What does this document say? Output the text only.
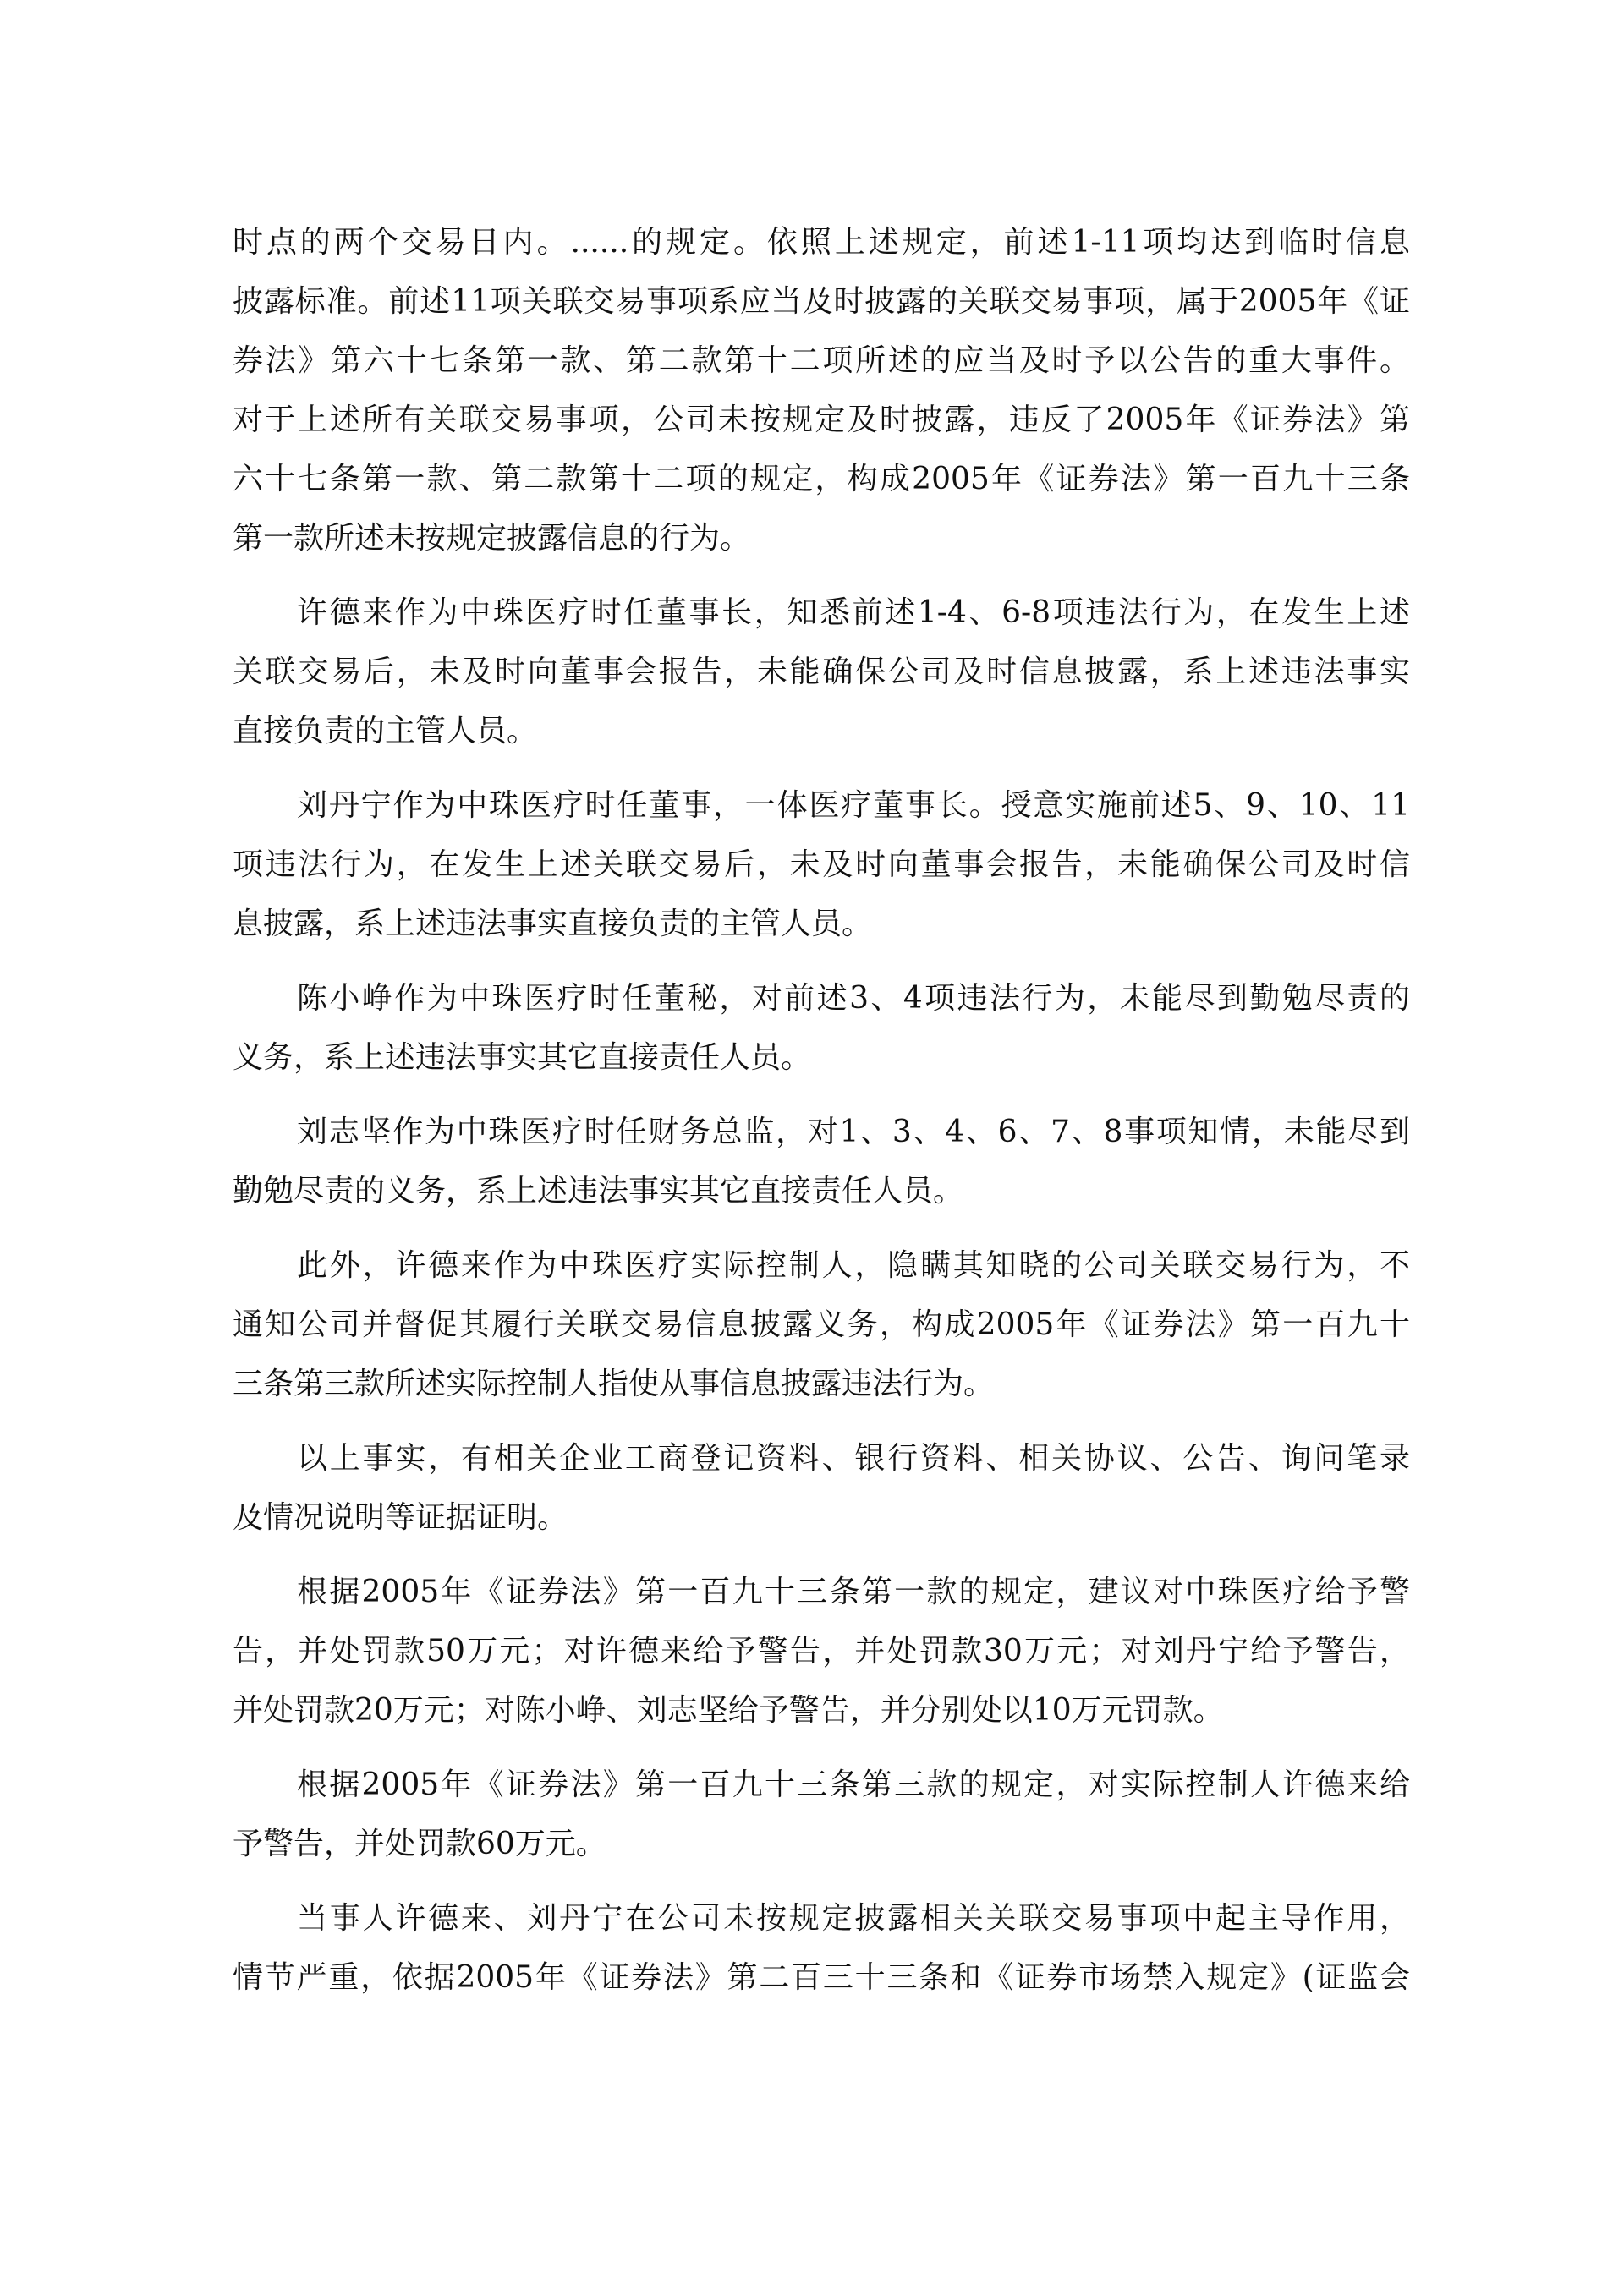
时点的两个交易日内。......的规定。依照上述规定，前述1-11项均达到临时信息
披露标准。前述11项关联交易事项系应当及时披露的关联交易事项，属于2005年《证
券法》第六十七条第一款、第二款第十二项所述的应当及时予以公告的重大事件。
对于上述所有关联交易事项，公司未按规定及时披露，违反了2005年《证券法》第
六十七条第一款、第二款第十二项的规定，构成2005年《证券法》第一百九十三条
第一款所述未按规定披露信息的行为。
许德来作为中珠医疗时任董事长，知悉前述1-4、6-8项违法行为，在发生上述
关联交易后，未及时向董事会报告，未能确保公司及时信息披露，系上述违法事实
直接负责的主管人员。
刘丹宁作为中珠医疗时任董事，一体医疗董事长。授意实施前述5、9、10、11
项违法行为，在发生上述关联交易后，未及时向董事会报告，未能确保公司及时信
息披露，系上述违法事实直接负责的主管人员。
陈小峥作为中珠医疗时任董秘，对前述3、4项违法行为，未能尽到勤勉尽责的
义务，系上述违法事实其它直接责任人员。
刘志坚作为中珠医疗时任财务总监，对1、3、4、6、7、8事项知情，未能尽到
勤勉尽责的义务，系上述违法事实其它直接责任人员。
此外，许德来作为中珠医疗实际控制人，隐瞒其知晓的公司关联交易行为，不
通知公司并督促其履行关联交易信息披露义务，构成2005年《证券法》第一百九十
三条第三款所述实际控制人指使从事信息披露违法行为。
以上事实，有相关企业工商登记资料、银行资料、相关协议、公告、询问笔录
及情况说明等证据证明。
根据2005年《证券法》第一百九十三条第一款的规定，建议对中珠医疗给予警
告，并处罚款50万元；对许德来给予警告，并处罚款30万元；对刘丹宁给予警告，
并处罚款20万元；对陈小峥、刘志坚给予警告，并分别处以10万元罚款。
根据2005年《证券法》第一百九十三条第三款的规定，对实际控制人许德来给
予警告，并处罚款60万元。
当事人许德来、刘丹宁在公司未按规定披露相关关联交易事项中起主导作用，
情节严重，依据2005年《证券法》第二百三十三条和《证券市场禁入规定》(证监会
